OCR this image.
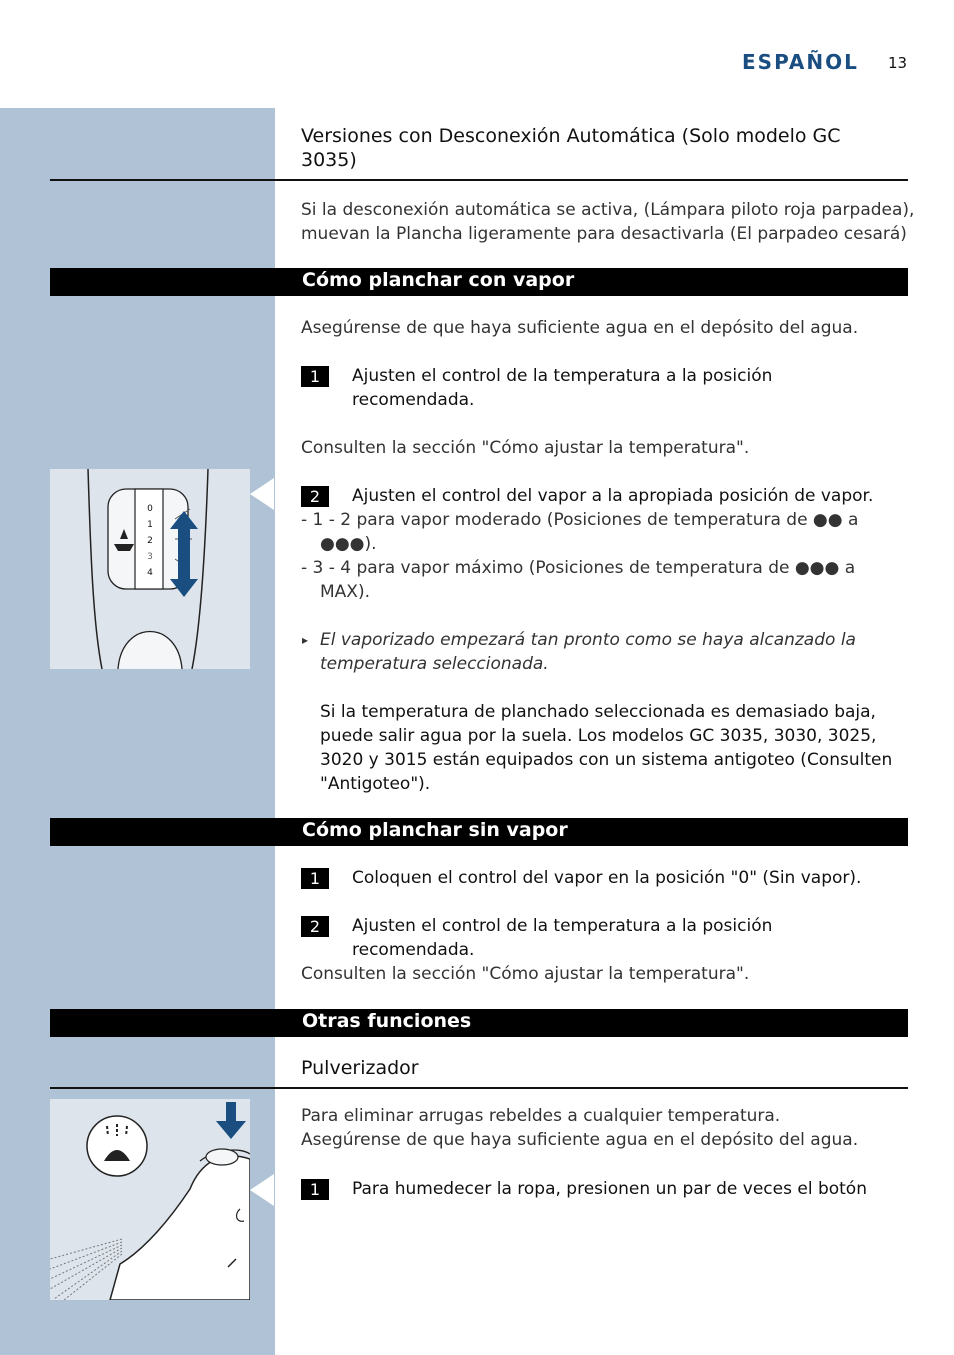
ESPAÑOL 13
Versiones con Desconexión Automática (Solo modelo GC
3035)
Si la desconexión automática se activa, (Lámpara piloto roja parpadea),
muevan la Plancha ligeramente para desactivarla (El parpadeo cesará)
Cómo planchar con vapor
Asegúrense de que haya suficiente agua en el depósito del agua.
1	Ajusten el control de la temperatura a la posición
recomendada.
Consulten la sección "Cómo ajustar la temperatura".
2	Ajusten el control del vapor a la apropiada posición de vapor.
- 1 - 2 para vapor moderado (Posiciones de temperatura de ●● a
●●●).
- 3 - 4 para vapor máximo (Posiciones de temperatura de ●●● a
MAX).
▸ El vaporizado empezará tan pronto como se haya alcanzado la
temperatura seleccionada.
Si la temperatura de planchado seleccionada es demasiado baja,
puede salir agua por la suela. Los modelos GC 3035, 3030, 3025,
3020 y 3015 están equipados con un sistema antigoteo (Consulten
"Antigoteo").
0
1
2
3
4
Cómo planchar sin vapor
1	Coloquen el control del vapor en la posición "0" (Sin vapor).
2	Ajusten el control de la temperatura a la posición
recomendada.
Consulten la sección "Cómo ajustar la temperatura".
Otras funciones
Pulverizador
Para eliminar arrugas rebeldes a cualquier temperatura.
Asegúrense de que haya suficiente agua en el depósito del agua.
1	Para humedecer la ropa, presionen un par de veces el botón
